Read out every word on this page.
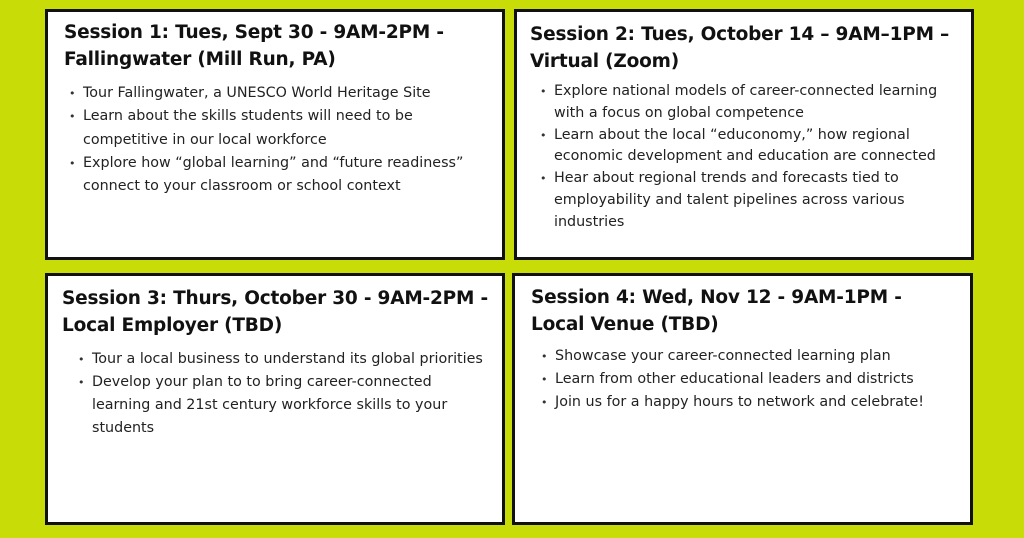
Session 1: Tues, Sept 30 - 9AM-2PM - Fallingwater (Mill Run, PA)
• Tour Fallingwater, a UNESCO World Heritage Site
• Learn about the skills students will need to be competitive in our local workforce
• Explore how “global learning” and “future readiness” connect to your classroom or school context
Session 2: Tues, October 14 – 9AM–1PM – Virtual (Zoom)
• Explore national models of career-connected learning with a focus on global competence
• Learn about the local “educonomy,” how regional economic development and education are connected
• Hear about regional trends and forecasts tied to employability and talent pipelines across various industries
Session 3: Thurs, October 30 - 9AM-2PM - Local Employer (TBD)
• Tour a local business to understand its global priorities
• Develop your plan to to bring career-connected learning and 21st century workforce skills to your students
Session 4: Wed, Nov 12 - 9AM-1PM - Local Venue (TBD)
• Showcase your career-connected learning plan
• Learn from other educational leaders and districts
• Join us for a happy hours to network and celebrate!
